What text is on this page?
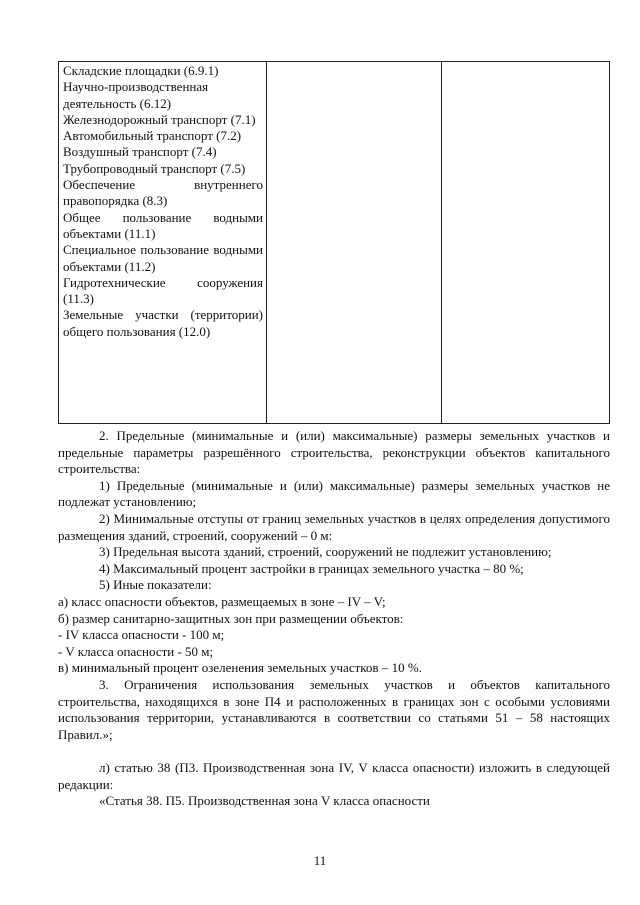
Складские площадки (6.9.1)
Научно-производственная деятельность (6.12)
Железнодорожный транспорт (7.1)
Автомобильный транспорт (7.2)
Воздушный транспорт (7.4)
Трубопроводный транспорт (7.5)
Обеспечение внутреннего правопорядка (8.3)
Общее пользование водными объектами (11.1)
Специальное пользование водными объектами (11.2)
Гидротехнические сооружения (11.3)
Земельные участки (территории) общего пользования (12.0)

2. Предельные (минимальные и (или) максимальные) размеры земельных участков и предельные параметры разрешённого строительства, реконструкции объектов капитального строительства:

1) Предельные (минимальные и (или) максимальные) размеры земельных участков не подлежат установлению;

2) Минимальные отступы от границ земельных участков в целях определения допустимого размещения зданий, строений, сооружений – 0 м:

3) Предельная высота зданий, строений, сооружений не подлежит установлению;

4) Максимальный процент застройки в границах земельного участка – 80 %;

5) Иные показатели:

а) класс опасности объектов, размещаемых в зоне – IV – V;

б) размер санитарно-защитных зон при размещении объектов:

- IV класса опасности - 100 м;

- V класса опасности - 50 м;

в) минимальный процент озеленения земельных участков – 10 %.

3. Ограничения использования земельных участков и объектов капитального строительства, находящихся в зоне П4 и расположенных в границах зон с особыми условиями использования территории, устанавливаются в соответствии со статьями 51 – 58 настоящих Правил.»;

л) статью 38 (П3. Производственная зона IV, V класса опасности) изложить в следующей редакции:

«Статья 38. П5. Производственная зона V класса опасности

11
